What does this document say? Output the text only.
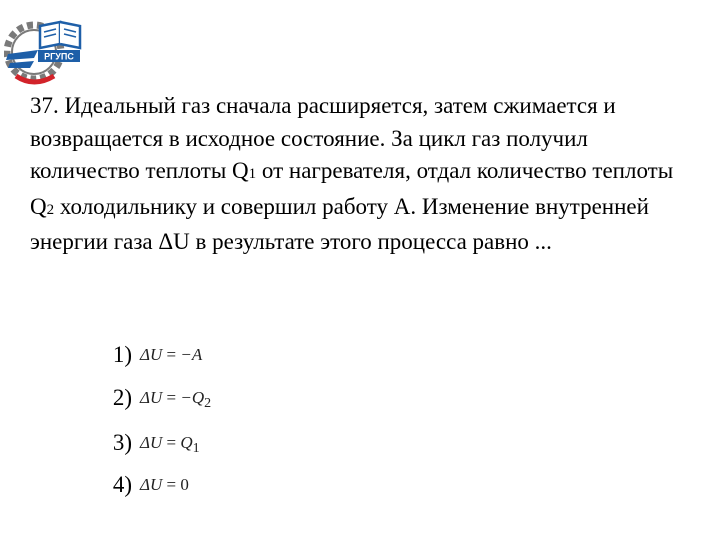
РГУПС
37. Идеальный газ сначала расширяется, затем сжимается и возвращается в исходное состояние. За цикл газ получил количество теплоты Q1 от нагревателя, отдал количество теплоты Q2 холодильнику и совершил работу А. Изменение внутренней энергии газа ΔU в результате этого процесса равно ...
1) ΔU = −A
2) $\Delta U = -Q_2$
3) $\Delta U = Q_1$
4) ΔU = 0
